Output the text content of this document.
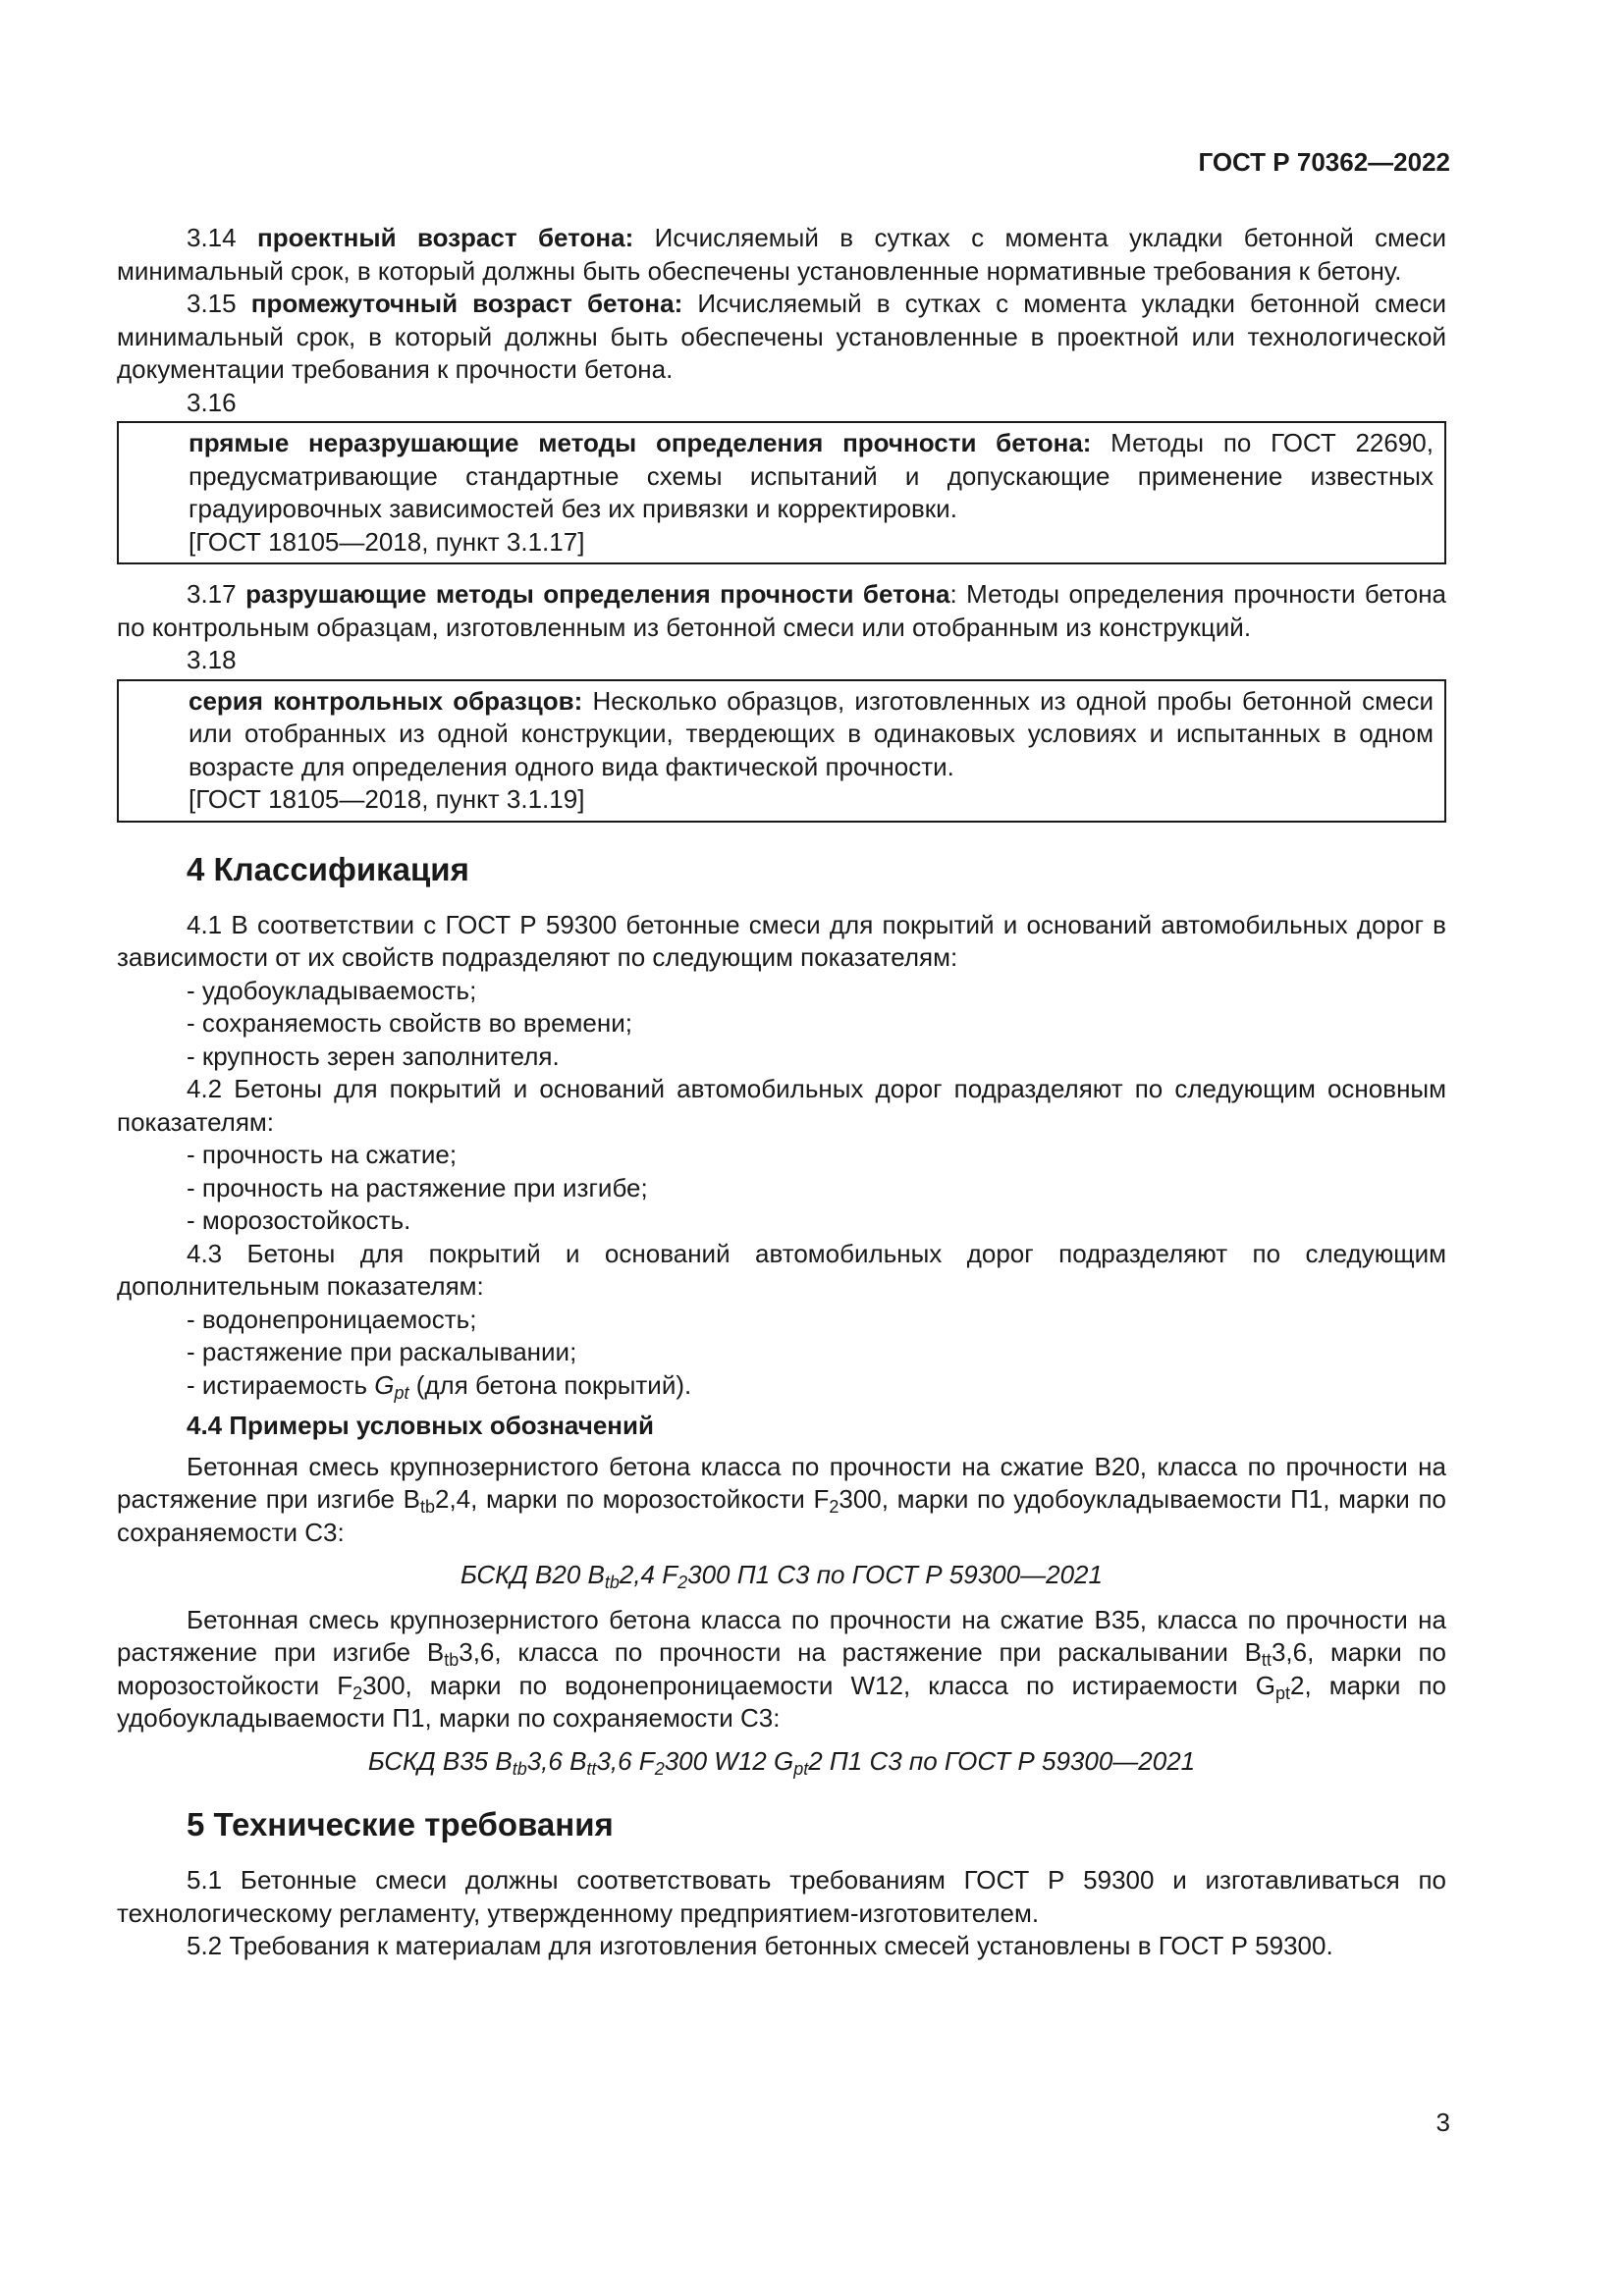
ГОСТ Р 70362—2022

3.14 проектный возраст бетона: Исчисляемый в сутках с момента укладки бетонной смеси минимальный срок, в который должны быть обеспечены установленные нормативные требования к бетону.

3.15 промежуточный возраст бетона: Исчисляемый в сутках с момента укладки бетонной смеси минимальный срок, в который должны быть обеспечены установленные в проектной или технологической документации требования к прочности бетона.

3.16

прямые неразрушающие методы определения прочности бетона: Методы по ГОСТ 22690, предусматривающие стандартные схемы испытаний и допускающие применение известных градуировочных зависимостей без их привязки и корректировки.

[ГОСТ 18105—2018, пункт 3.1.17]

3.17 разрушающие методы определения прочности бетона: Методы определения прочности бетона по контрольным образцам, изготовленным из бетонной смеси или отобранным из конструкций.

3.18

серия контрольных образцов: Несколько образцов, изготовленных из одной пробы бетонной смеси или отобранных из одной конструкции, твердеющих в одинаковых условиях и испытанных в одном возрасте для определения одного вида фактической прочности.

[ГОСТ 18105—2018, пункт 3.1.19]

4 Классификация

4.1 В соответствии с ГОСТ Р 59300 бетонные смеси для покрытий и оснований автомобильных дорог в зависимости от их свойств подразделяют по следующим показателям:

- удобоукладываемость;

- сохраняемость свойств во времени;

- крупность зерен заполнителя.

4.2 Бетоны для покрытий и оснований автомобильных дорог подразделяют по следующим основным показателям:

- прочность на сжатие;

- прочность на растяжение при изгибе;

- морозостойкость.

4.3 Бетоны для покрытий и оснований автомобильных дорог подразделяют по следующим дополнительным показателям:

- водонепроницаемость;

- растяжение при раскалывании;

- истираемость $G_{pt}$ (для бетона покрытий).

4.4 Примеры условных обозначений

Бетонная смесь крупнозернистого бетона класса по прочности на сжатие В20, класса по прочности на растяжение при изгибе $В_{tb}2,4$, марки по морозостойкости $F_2300$, марки по удобоукладываемости П1, марки по сохраняемости С3:

БСКД В20 $В_{tb}2,4$ $F_2300$ П1 С3 по ГОСТ Р 59300—2021

Бетонная смесь крупнозернистого бетона класса по прочности на сжатие В35, класса по прочности на растяжение при изгибе $В_{tb}3,6$, класса по прочности на растяжение при раскалывании $В_{tt}3,6$, марки по морозостойкости $F_2300$, марки по водонепроницаемости W12, класса по истираемости $G_{pt}2$, марки по удобоукладываемости П1, марки по сохраняемости С3:

БСКД В35 $В_{tb}3,6$ $В_{tt}3,6$ $F_2300$ W12 $G_{pt}2$ П1 С3 по ГОСТ Р 59300—2021

5 Технические требования

5.1 Бетонные смеси должны соответствовать требованиям ГОСТ Р 59300 и изготавливаться по технологическому регламенту, утвержденному предприятием-изготовителем.

5.2 Требования к материалам для изготовления бетонных смесей установлены в ГОСТ Р 59300.

3
